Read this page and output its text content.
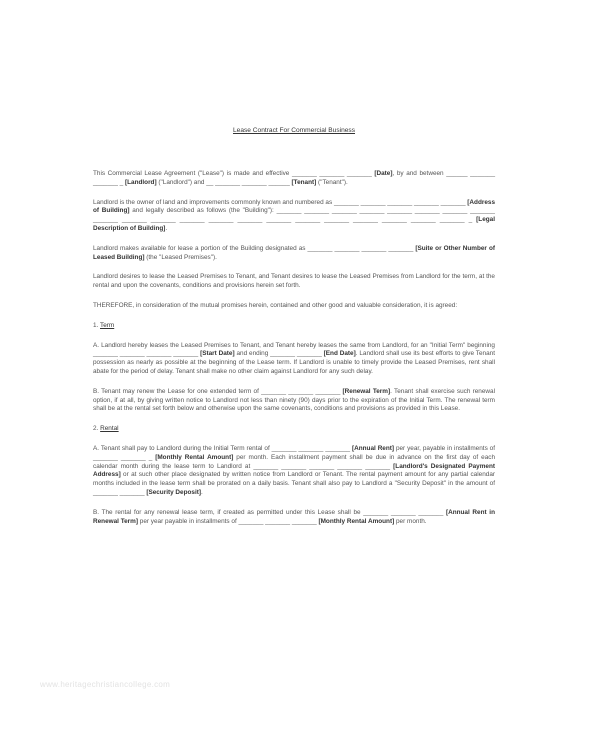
Lease Contract For Commercial Business

This Commercial Lease Agreement ("Lease") is made and effective _______ _______ _______ [Date], by and between ______ _______ _______ _ [Landlord] ("Landlord") and __ _______ _______ ______ [Tenant] ("Tenant").

Landlord is the owner of land and improvements commonly known and numbered as _______ _______ _______ _______ _______ [Address of Building] and legally described as follows (the "Building"): _______ _______ _______ _______ _______ _______ _______ _______ _______ _______ _______ _______ _______ _______ _______ _______ _______ _______ _______ _______ _______ _ [Legal Description of Building].

Landlord makes available for lease a portion of the Building designated as _______ _______ _______ _______ [Suite or Other Number of Leased Building] (the "Leased Premises").

Landlord desires to lease the Leased Premises to Tenant, and Tenant desires to lease the Leased Premises from Landlord for the term, at the rental and upon the covenants, conditions and provisions herein set forth.

THEREFORE, in consideration of the mutual promises herein, contained and other good and valuable consideration, it is agreed:

1. Term

A. Landlord hereby leases the Leased Premises to Tenant, and Tenant hereby leases the same from Landlord, for an "Initial Term" beginning _______ _______ _______ _______ [Start Date] and ending _______ _______ [End Date]. Landlord shall use its best efforts to give Tenant possession as nearly as possible at the beginning of the Lease term. If Landlord is unable to timely provide the Leased Premises, rent shall abate for the period of delay. Tenant shall make no other claim against Landlord for any such delay.

B. Tenant may renew the Lease for one extended term of _______ _______ _______ [Renewal Term]. Tenant shall exercise such renewal option, if at all, by giving written notice to Landlord not less than ninety (90) days prior to the expiration of the Initial Term. The renewal term shall be at the rental set forth below and otherwise upon the same covenants, conditions and provisions as provided in this Lease.

2. Rental

A. Tenant shall pay to Landlord during the Initial Term rental of _______ _______ _______ [Annual Rent] per year, payable in installments of _______ _______ _ [Monthly Rental Amount] per month. Each installment payment shall be due in advance on the first day of each calendar month during the lease term to Landlord at _______ _______ _______ _______ _______ [Landlord's Designated Payment Address] or at such other place designated by written notice from Landlord or Tenant. The rental payment amount for any partial calendar months included in the lease term shall be prorated on a daily basis. Tenant shall also pay to Landlord a "Security Deposit" in the amount of _______ _______ [Security Deposit].

B. The rental for any renewal lease term, if created as permitted under this Lease shall be _______ _______ _______ [Annual Rent in Renewal Term] per year payable in installments of _______ _______ _______ [Monthly Rental Amount] per month.

www.heritagechristiancollege.com
